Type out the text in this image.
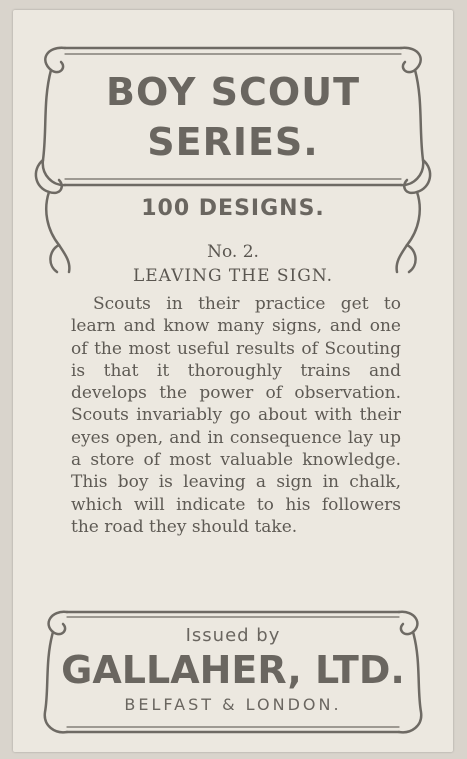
BOY SCOUT
SERIES.
100 DESIGNS.
No. 2.
LEAVING THE SIGN.
Scouts in their practice get to learn and know many signs, and one of the most useful results of Scouting is that it thoroughly trains and develops the power of observation. Scouts invariably go about with their eyes open, and in consequence lay up a store of most valuable knowledge. This boy is leaving a sign in chalk, which will indicate to his followers the road they should take.
Issued by
GALLAHER, LTD.
BELFAST & LONDON.
